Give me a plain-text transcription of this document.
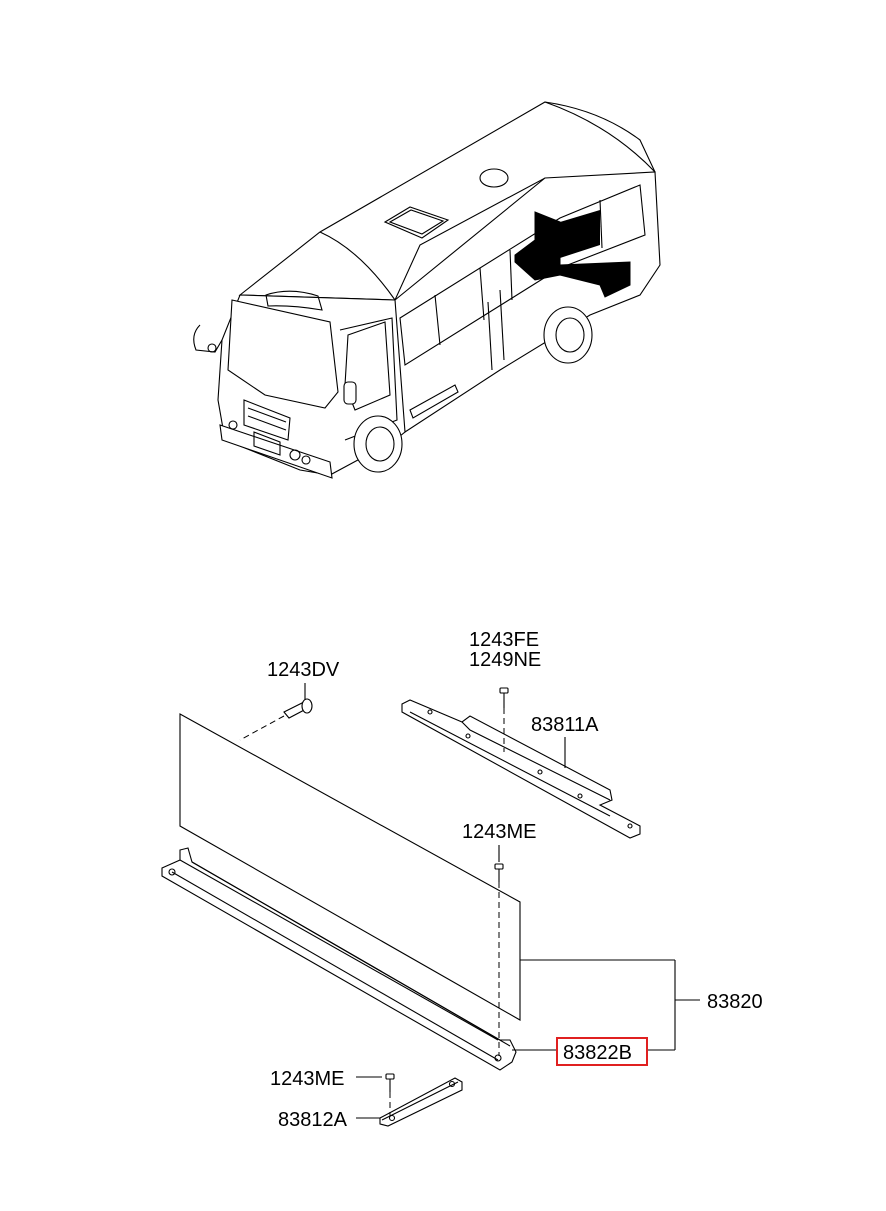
1243DV
1243FE
1249NE
83811A
1243ME
83820
83822B
1243ME
83812A
